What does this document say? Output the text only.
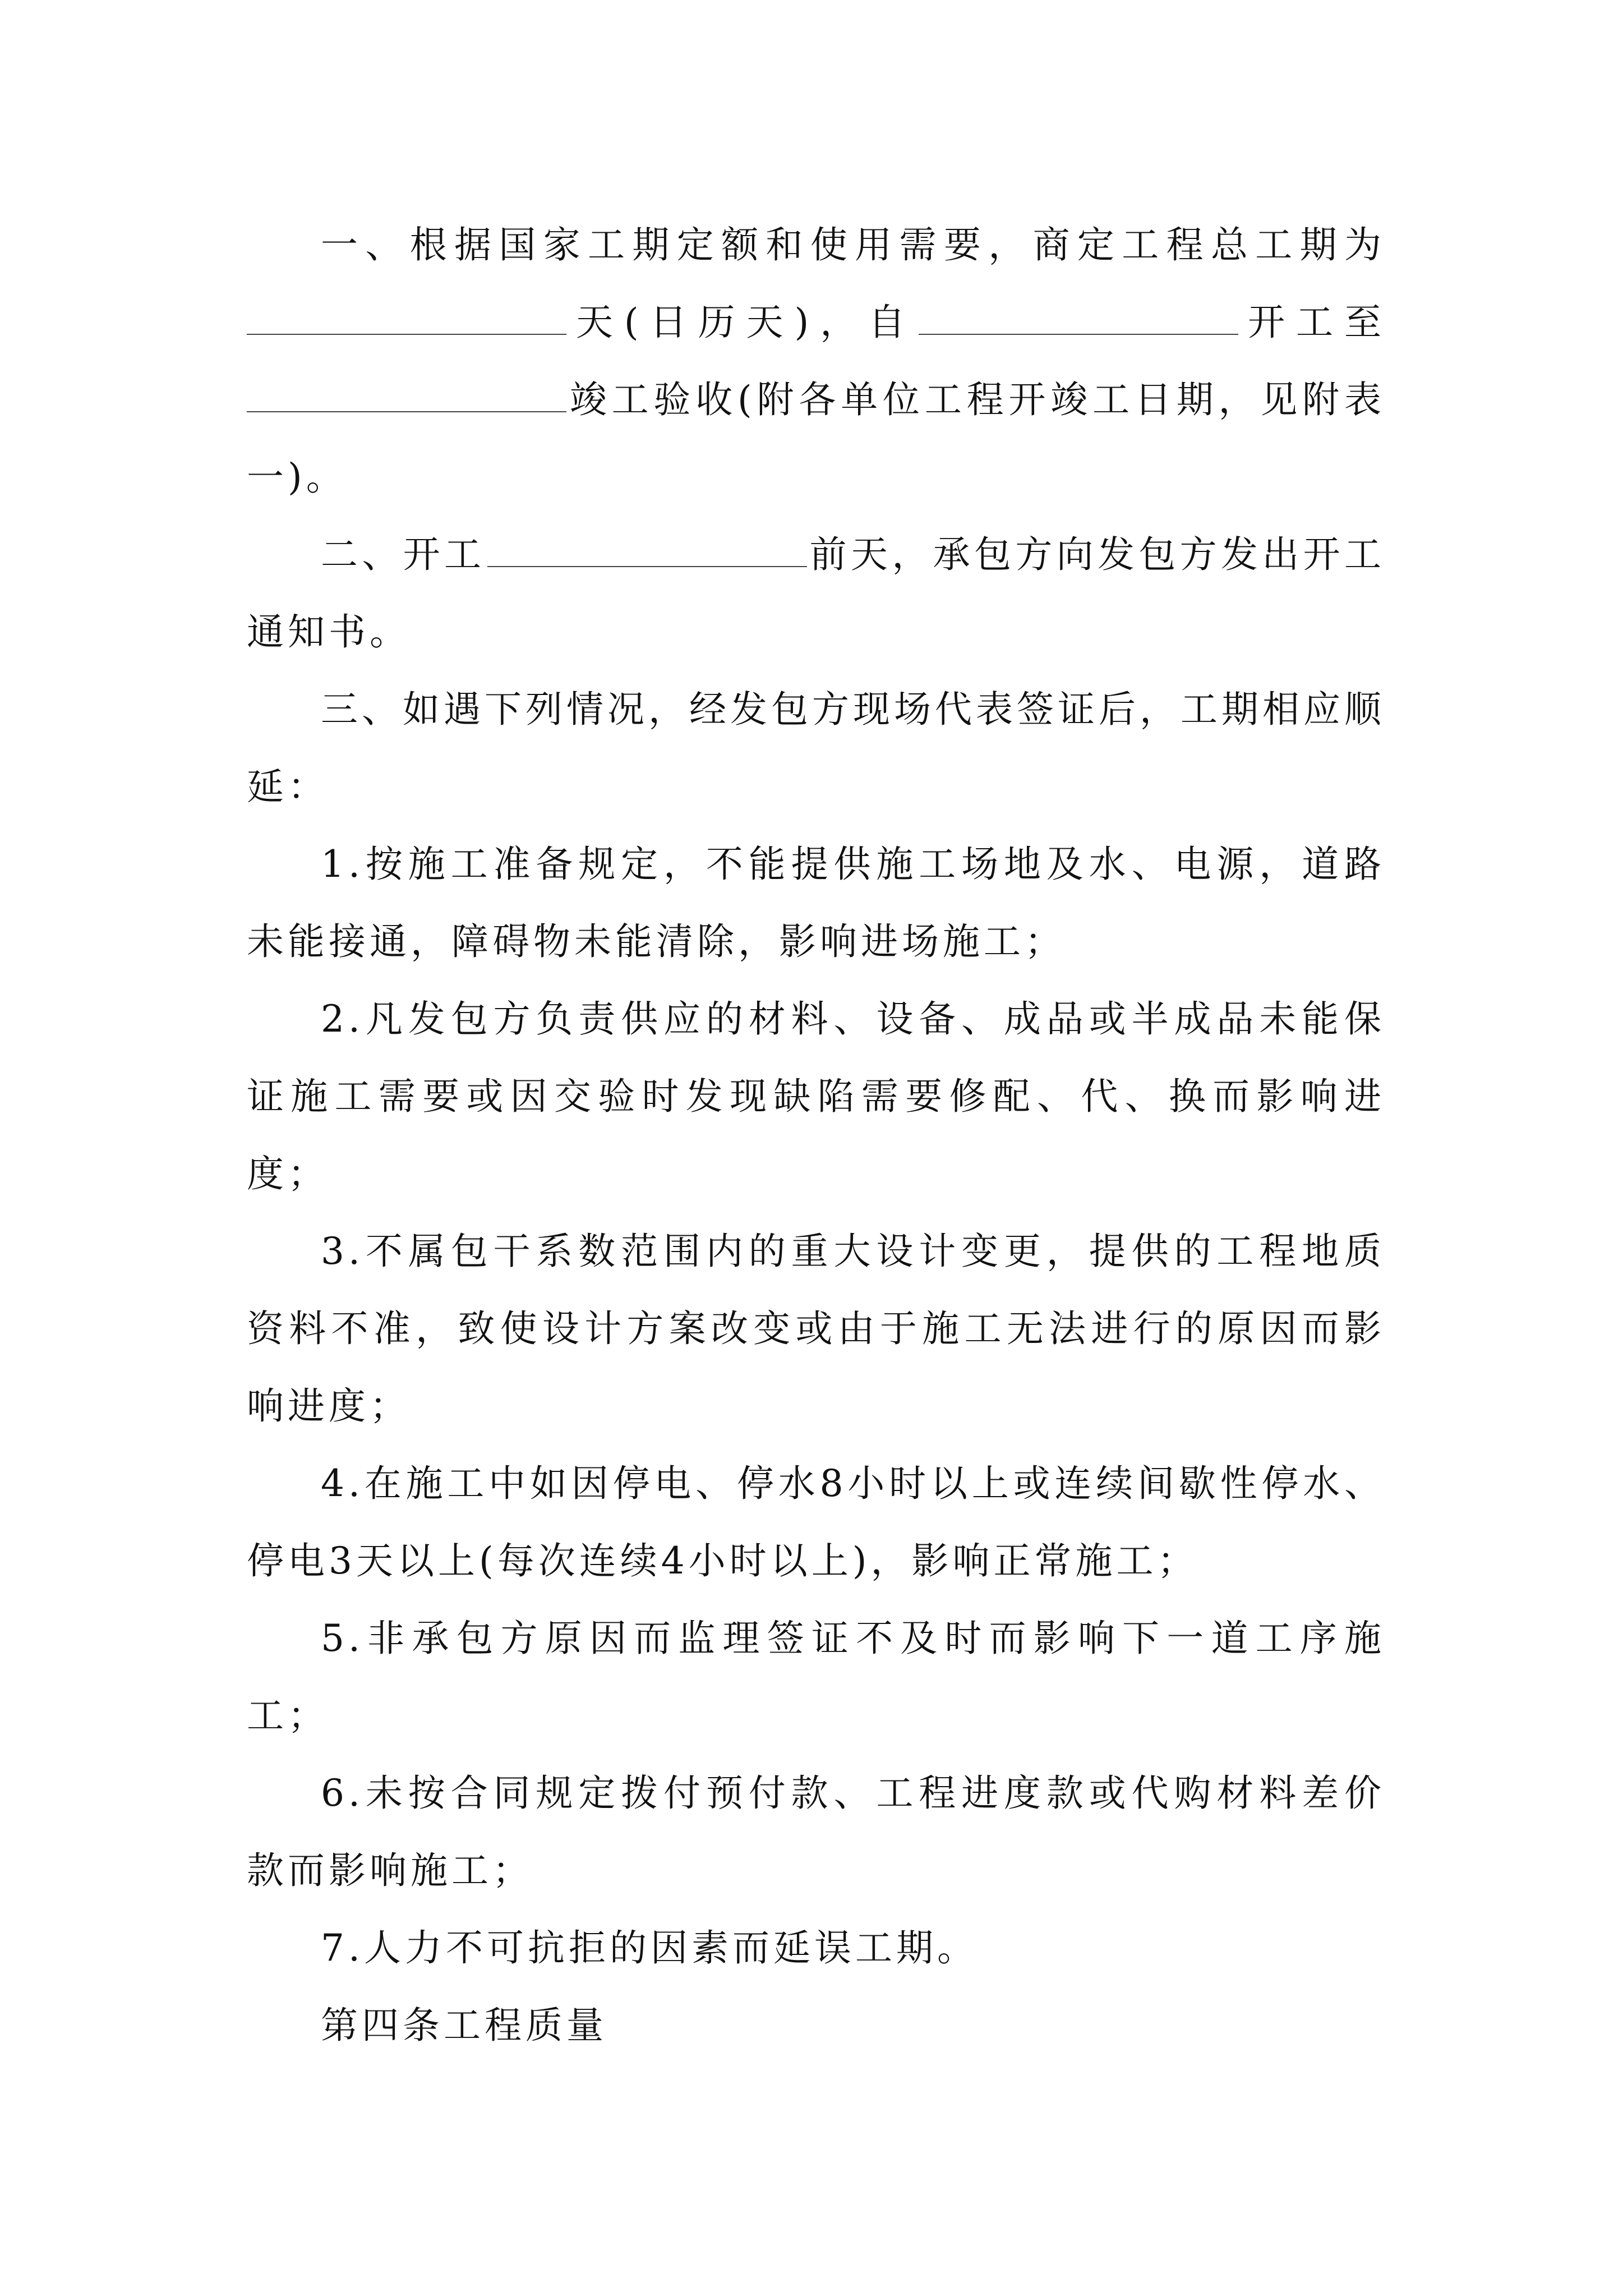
一、根据国家工期定额和使用需要，商定工程总工期为天(日历天)，自	开工至竣工验收(附各单位工程开竣工日期，见附表一)。

二、开工	前天，承包方向发包方发出开工通知书。

三、如遇下列情况，经发包方现场代表签证后，工期相应顺延：

1.按施工准备规定，不能提供施工场地及水、电源，道路未能接通，障碍物未能清除，影响进场施工；

2.凡发包方负责供应的材料、设备、成品或半成品未能保证施工需要或因交验时发现缺陷需要修配、代、换而影响进度；

3.不属包干系数范围内的重大设计变更，提供的工程地质资料不准，致使设计方案改变或由于施工无法进行的原因而影响进度；

4.在施工中如因停电、停水8小时以上或连续间歇性停水、停电3天以上(每次连续4小时以上)，影响正常施工；

5.非承包方原因而监理签证不及时而影响下一道工序施工；

6.未按合同规定拨付预付款、工程进度款或代购材料差价款而影响施工；

7.人力不可抗拒的因素而延误工期。

第四条工程质量
